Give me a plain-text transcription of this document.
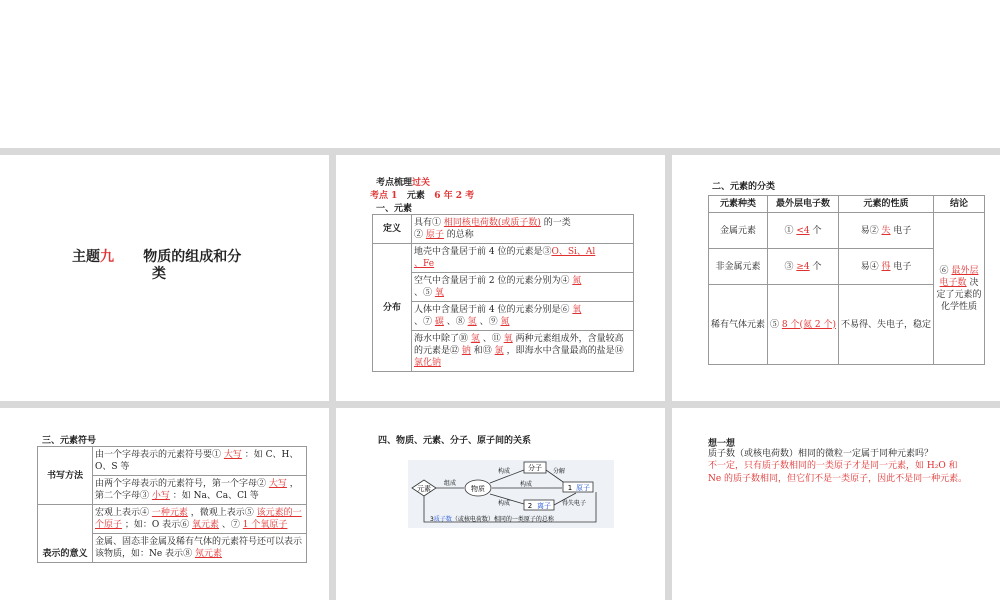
主题九 物质的组成和分
类
考点梳理过关
考点 1 元素 6 年 2 考
一、元素
定义	具有① 相同核电荷数(或质子数) 的一类
② 原子 的总称
分布	地壳中含量居于前 4 位的元素是③O、Si、Al
、Fe
	空气中含量居于前 2 位的元素分别为④ 氮
、⑤ 氧
	人体中含量居于前 4 位的元素分别是⑥ 氧
、⑦ 碳 、⑧ 氢 、⑨ 氮
	海水中除了⑩ 氢 、⑪ 氧 两种元素组成外，含量较高的元素是⑫ 钠 和⑬ 氯 ，即海水中含量最高的盐是⑭ 氯化钠
二、元素的分类
元素种类	最外层电子数	元素的性质	结论
金属元素	① <4 个	易② 失 电子	⑥ 最外层电子数 决定了元素的化学性质
非金属元素	③ ≥4 个	易④ 得 电子	
稀有气体元素	⑤ 8 个(氦 2 个)	不易得、失电子，稳定	
三、元素符号
书写方法	由一个字母表示的元素符号要① 大写 ：如 C、H、O、S 等
	由两个字母表示的元素符号，第一个字母② 大写 ，第二个字母③ 小写 ：如 Na、Ca、Cl 等
表示的意义	宏观上表示④ 一种元素 ，微观上表示⑤ 该元素的一个原子 ；如：O 表示⑥ 氧元素 、⑦ 1 个氧原子
	金属、固态非金属及稀有气体的元素符号还可以表示该物质，如：Ne 表示⑧ 氖元素
四、物质、元素、分子、原子间的关系
元素
组成
物质
构成	分子 分解
构成	1 原子
构成	2 离子 得失电子
3质子数（或核电荷数）相同的一类原子的总称
想一想
质子数（或核电荷数）相同的微粒一定属于同种元素吗？
不一定，只有质子数相同的一类原子才是同一元素，如 H₂O 和 Ne 的质子数相同，但它们不是一类原子，因此不是同一种元素。
